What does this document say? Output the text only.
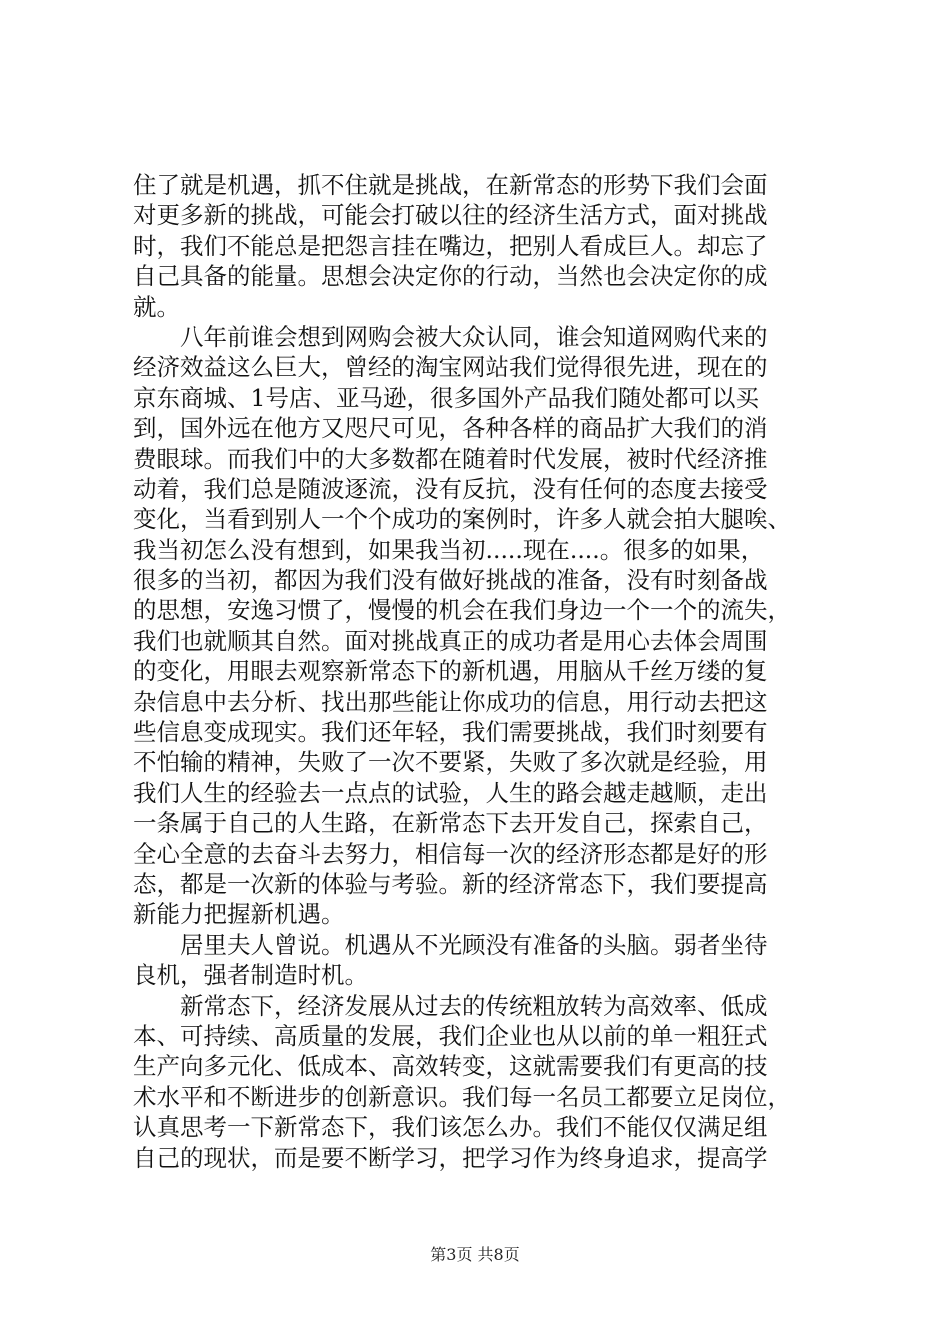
住了就是机遇，抓不住就是挑战，在新常态的形势下我们会面
对更多新的挑战，可能会打破以往的经济生活方式，面对挑战
时，我们不能总是把怨言挂在嘴边，把别人看成巨人。却忘了
自己具备的能量。思想会决定你的行动，当然也会决定你的成
就。
　　八年前谁会想到网购会被大众认同，谁会知道网购代来的
经济效益这么巨大，曾经的淘宝网站我们觉得很先进，现在的
京东商城、1号店、亚马逊，很多国外产品我们随处都可以买
到，国外远在他方又咫尺可见，各种各样的商品扩大我们的消
费眼球。而我们中的大多数都在随着时代发展，被时代经济推
动着，我们总是随波逐流，没有反抗，没有任何的态度去接受
变化，当看到别人一个个成功的案例时，许多人就会拍大腿唉、
我当初怎么没有想到，如果我当初.....现在....。很多的如果，
很多的当初，都因为我们没有做好挑战的准备，没有时刻备战
的思想，安逸习惯了，慢慢的机会在我们身边一个一个的流失，
我们也就顺其自然。面对挑战真正的成功者是用心去体会周围
的变化，用眼去观察新常态下的新机遇，用脑从千丝万缕的复
杂信息中去分析、找出那些能让你成功的信息，用行动去把这
些信息变成现实。我们还年轻，我们需要挑战，我们时刻要有
不怕输的精神，失败了一次不要紧，失败了多次就是经验，用
我们人生的经验去一点点的试验，人生的路会越走越顺，走出
一条属于自己的人生路，在新常态下去开发自己，探索自己，
全心全意的去奋斗去努力，相信每一次的经济形态都是好的形
态，都是一次新的体验与考验。新的经济常态下，我们要提高
新能力把握新机遇。
　　居里夫人曾说。机遇从不光顾没有准备的头脑。弱者坐待
良机，强者制造时机。
　　新常态下，经济发展从过去的传统粗放转为高效率、低成
本、可持续、高质量的发展，我们企业也从以前的单一粗狂式
生产向多元化、低成本、高效转变，这就需要我们有更高的技
术水平和不断进步的创新意识。我们每一名员工都要立足岗位，
认真思考一下新常态下，我们该怎么办。我们不能仅仅满足组
自己的现状，而是要不断学习，把学习作为终身追求，提高学
第3页 共8页
